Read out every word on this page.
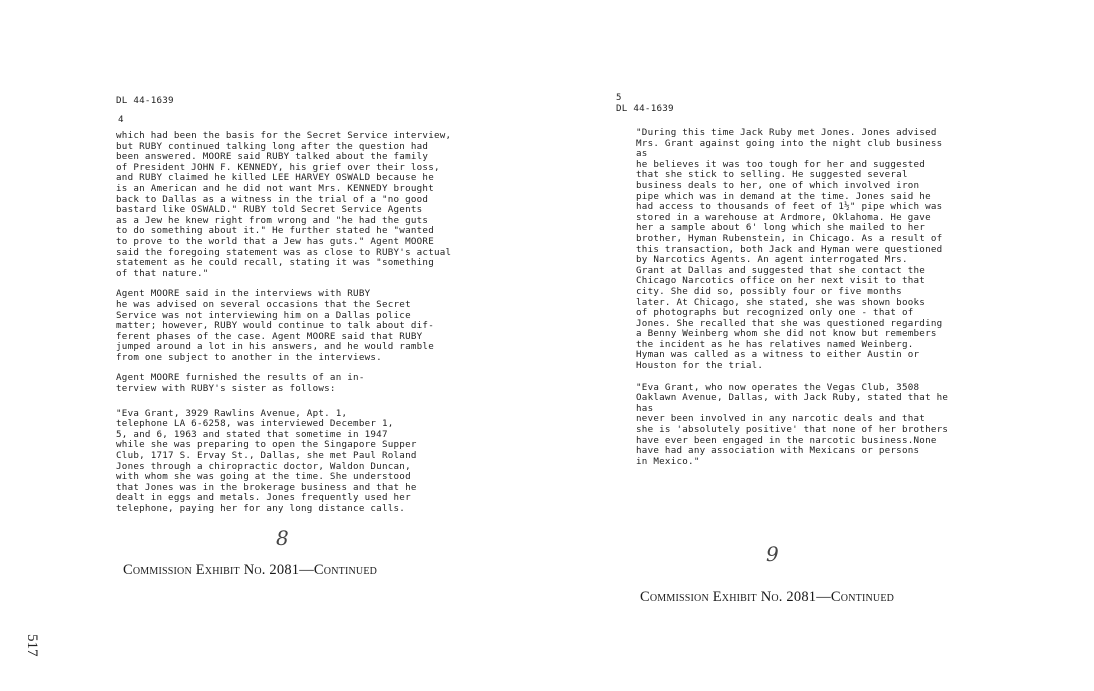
DL 44-1639
4

which had been the basis for the Secret Service interview,
but RUBY continued talking long after the question had
been answered. MOORE said RUBY talked about the family
of President JOHN F. KENNEDY, his grief over their loss,
and RUBY claimed he killed LEE HARVEY OSWALD because he
is an American and he did not want Mrs. KENNEDY brought
back to Dallas as a witness in the trial of a "no good
bastard like OSWALD." RUBY told Secret Service Agents
as a Jew he knew right from wrong and "he had the guts
to do something about it." He further stated he "wanted
to prove to the world that a Jew has guts." Agent MOORE
said the foregoing statement was as close to RUBY's actual
statement as he could recall, stating it was "something
of that nature."

Agent MOORE said in the interviews with RUBY
he was advised on several occasions that the Secret
Service was not interviewing him on a Dallas police
matter; however, RUBY would continue to talk about dif-
ferent phases of the case. Agent MOORE said that RUBY
jumped around a lot in his answers, and he would ramble
from one subject to another in the interviews.

Agent MOORE furnished the results of an in-
terview with RUBY's sister as follows:

"Eva Grant, 3929 Rawlins Avenue, Apt. 1,
telephone LA 6-6258, was interviewed December 1,
5, and 6, 1963 and stated that sometime in 1947
while she was preparing to open the Singapore Supper
Club, 1717 S. Ervay St., Dallas, she met Paul Roland
Jones through a chiropractic doctor, Waldon Duncan,
with whom she was going at the time. She understood
that Jones was in the brokerage business and that he
dealt in eggs and metals. Jones frequently used her
telephone, paying her for any long distance calls.

8
Commission Exhibit No. 2081—Continued
5
DL 44-1639

"During this time Jack Ruby met Jones. Jones advised
Mrs. Grant against going into the night club business as
he believes it was too tough for her and suggested
that she stick to selling. He suggested several
business deals to her, one of which involved iron
pipe which was in demand at the time. Jones said he
had access to thousands of feet of 1½" pipe which was
stored in a warehouse at Ardmore, Oklahoma. He gave
her a sample about 6' long which she mailed to her
brother, Hyman Rubenstein, in Chicago. As a result of
this transaction, both Jack and Hyman were questioned
by Narcotics Agents. An agent interrogated Mrs.
Grant at Dallas and suggested that she contact the
Chicago Narcotics office on her next visit to that
city. She did so, possibly four or five months
later. At Chicago, she stated, she was shown books
of photographs but recognized only one - that of
Jones. She recalled that she was questioned regarding
a Benny Weinberg whom she did not know but remembers
the incident as he has relatives named Weinberg.
Hyman was called as a witness to either Austin or
Houston for the trial.

"Eva Grant, who now operates the Vegas Club, 3508
Oaklawn Avenue, Dallas, with Jack Ruby, stated that he has
never been involved in any narcotic deals and that
she is 'absolutely positive' that none of her brothers
have ever been engaged in the narcotic business.None
have had any association with Mexicans or persons
in Mexico."

9
Commission Exhibit No. 2081—Continued
517
